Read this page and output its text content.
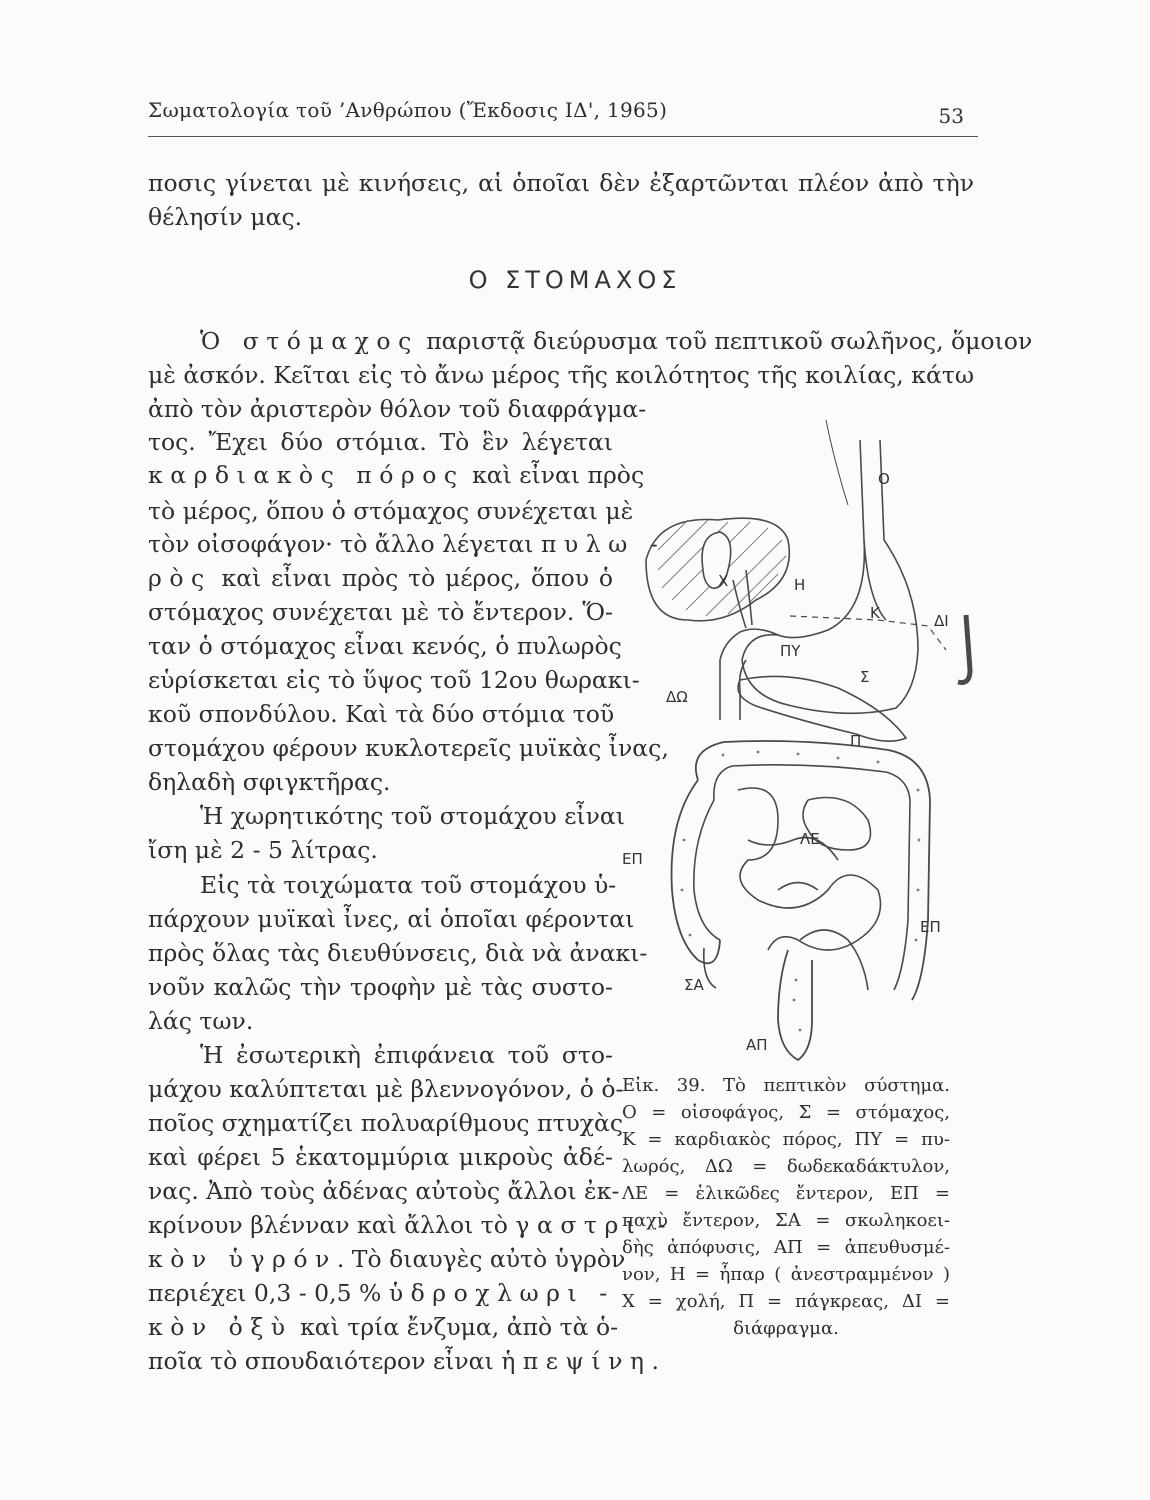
Σωματολογία τοῦ ’Ανθρώπου (Ἔκδοσις ΙΔ', 1965)	53
ποσις γίνεται μὲ κινήσεις, αἱ ὁποῖαι δὲν ἐξαρτῶνται πλέον ἀπὸ τὴν
θέλησίν μας.
Ο ΣΤΟΜΑΧΟΣ
Ὁ στόμαχος παριστᾷ διεύρυσμα τοῦ πεπτικοῦ σωλῆνος, ὅμοιον
μὲ ἀσκόν. Κεῖται εἰς τὸ ἄνω μέρος τῆς κοιλότητος τῆς κοιλίας, κάτω
ἀπὸ τὸν ἀριστερὸν θόλον τοῦ διαφράγμα-
τος. Ἔχει δύο στόμια. Τὸ ἓν λέγεται
καρδιακὸς πόρος καὶ εἶναι πρὸς
τὸ μέρος, ὅπου ὁ στόμαχος συνέχεται μὲ
τὸν οἰσοφάγον· τὸ ἄλλο λέγεται πυλω -
ρὸς καὶ εἶναι πρὸς τὸ μέρος, ὅπου ὁ
στόμαχος συνέχεται μὲ τὸ ἔντερον. Ὅ-
ταν ὁ στόμαχος εἶναι κενός, ὁ πυλωρὸς
εὑρίσκεται εἰς τὸ ὕψος τοῦ 12ου θωρακι-
κοῦ σπονδύλου. Καὶ τὰ δύο στόμια τοῦ
στομάχου φέρουν κυκλοτερεῖς μυϊκὰς ἶνας,
δηλαδὴ σφιγκτῆρας.
Ἡ χωρητικότης τοῦ στομάχου εἶναι
ἴση μὲ 2 - 5 λίτρας.
Εἰς τὰ τοιχώματα τοῦ στομάχου ὑ-
πάρχουν μυϊκαὶ ἶνες, αἱ ὁποῖαι φέρονται
πρὸς ὅλας τὰς διευθύνσεις, διὰ νὰ ἀνακι-
νοῦν καλῶς τὴν τροφὴν μὲ τὰς συστο-
λάς των.
Ἡ ἐσωτερικὴ ἐπιφάνεια τοῦ στο-
μάχου καλύπτεται μὲ βλεννογόνον, ὁ ὁ-
ποῖος σχηματίζει πολυαρίθμους πτυχὰς
καὶ φέρει 5 ἑκατομμύρια μικροὺς ἀδέ-
νας. Ἀπὸ τοὺς ἀδένας αὐτοὺς ἄλλοι ἐκ-
κρίνουν βλένναν καὶ ἄλλοι τὸ γαστρι -
κὸν ὑγρόν. Τὸ διαυγὲς αὐτὸ ὑγρὸν
περιέχει 0,3 - 0,5 % ὑδροχλωρι -
κὸν ὀξὺ καὶ τρία ἔνζυμα, ἀπὸ τὰ ὁ-
ποῖα τὸ σπουδαιότερον εἶναι ἡ πεψίνη.
Ο
Η
Χ
Κ	ΔΙ
ΠΥ
Σ
ΔΩ
Π
ΛΕ
ΕΠ
ΕΠ
ΣΑ
ΑΠ
Εἰκ. 39. Τὸ πεπτικὸν σύστημα.
Ο = οἰσοφάγος, Σ = στόμαχος,
Κ = καρδιακὸς πόρος, ΠΥ = πυ-
λωρός, ΔΩ = δωδεκαδάκτυλον,
ΛΕ = ἑλικῶδες ἔντερον, ΕΠ =
παχὺ ἔντερον, ΣΑ = σκωληκοει-
δὴς ἀπόφυσις, ΑΠ = ἀπευθυσμέ-
νον, Η = ἧπαρ ( ἀνεστραμμένον )
Χ = χολή, Π = πάγκρεας, ΔΙ =
διάφραγμα.
